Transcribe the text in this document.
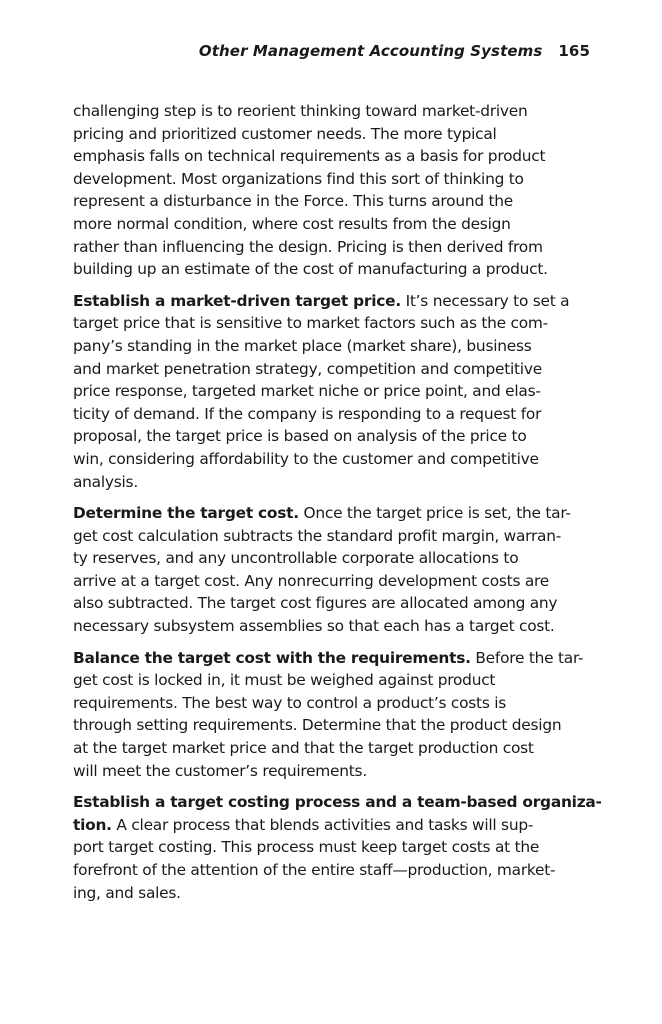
Other Management Accounting Systems 165

challenging step is to reorient thinking toward market-driven
pricing and prioritized customer needs. The more typical
emphasis falls on technical requirements as a basis for product
development. Most organizations find this sort of thinking to
represent a disturbance in the Force. This turns around the
more normal condition, where cost results from the design
rather than influencing the design. Pricing is then derived from
building up an estimate of the cost of manufacturing a product.

Establish a market-driven target price. It’s necessary to set a
target price that is sensitive to market factors such as the com-
pany’s standing in the market place (market share), business
and market penetration strategy, competition and competitive
price response, targeted market niche or price point, and elas-
ticity of demand. If the company is responding to a request for
proposal, the target price is based on analysis of the price to
win, considering affordability to the customer and competitive
analysis.

Determine the target cost. Once the target price is set, the tar-
get cost calculation subtracts the standard profit margin, warran-
ty reserves, and any uncontrollable corporate allocations to
arrive at a target cost. Any nonrecurring development costs are
also subtracted. The target cost figures are allocated among any
necessary subsystem assemblies so that each has a target cost.

Balance the target cost with the requirements. Before the tar-
get cost is locked in, it must be weighed against product
requirements. The best way to control a product’s costs is
through setting requirements. Determine that the product design
at the target market price and that the target production cost
will meet the customer’s requirements.

Establish a target costing process and a team-based organiza-
tion. A clear process that blends activities and tasks will sup-
port target costing. This process must keep target costs at the
forefront of the attention of the entire staff—production, market-
ing, and sales.
